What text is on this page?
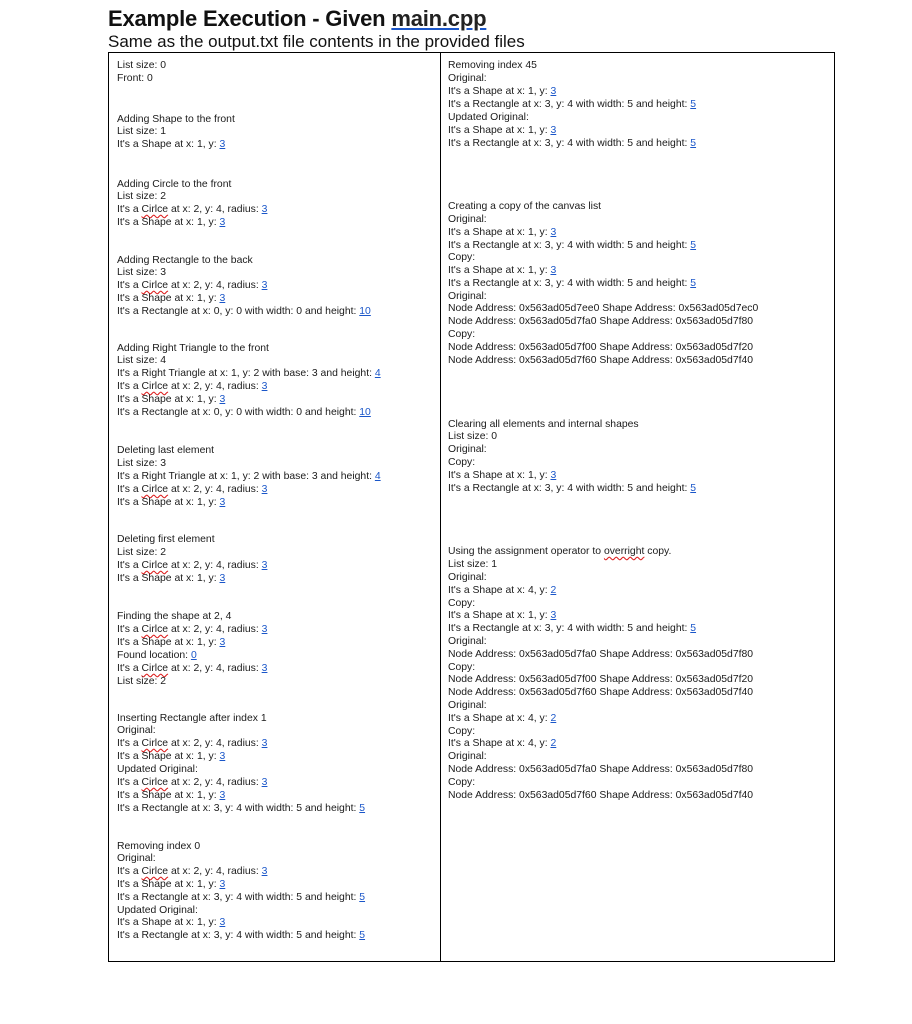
Example Execution - Given main.cpp
Same as the output.txt file contents in the provided files
List size: 0
Front: 0
Adding Shape to the front
List size: 1
It's a Shape at x: 1, y: 3
Adding Circle to the front
List size: 2
It's a Cirlce at x: 2, y: 4, radius: 3
It's a Shape at x: 1, y: 3
Adding Rectangle to the back
List size: 3
It's a Cirlce at x: 2, y: 4, radius: 3
It's a Shape at x: 1, y: 3
It's a Rectangle at x: 0, y: 0 with width: 0 and height: 10
Adding Right Triangle to the front
List size: 4
It's a Right Triangle at x: 1, y: 2 with base: 3 and height: 4
It's a Cirlce at x: 2, y: 4, radius: 3
It's a Shape at x: 1, y: 3
It's a Rectangle at x: 0, y: 0 with width: 0 and height: 10
Deleting last element
List size: 3
It's a Right Triangle at x: 1, y: 2 with base: 3 and height: 4
It's a Cirlce at x: 2, y: 4, radius: 3
It's a Shape at x: 1, y: 3
Deleting first element
List size: 2
It's a Cirlce at x: 2, y: 4, radius: 3
It's a Shape at x: 1, y: 3
Finding the shape at 2, 4
It's a Cirlce at x: 2, y: 4, radius: 3
It's a Shape at x: 1, y: 3
Found location: 0
It's a Cirlce at x: 2, y: 4, radius: 3
List size: 2
Inserting Rectangle after index 1
Original:
It's a Cirlce at x: 2, y: 4, radius: 3
It's a Shape at x: 1, y: 3
Updated Original:
It's a Cirlce at x: 2, y: 4, radius: 3
It's a Shape at x: 1, y: 3
It's a Rectangle at x: 3, y: 4 with width: 5 and height: 5
Removing index 0
Original:
It's a Cirlce at x: 2, y: 4, radius: 3
It's a Shape at x: 1, y: 3
It's a Rectangle at x: 3, y: 4 with width: 5 and height: 5
Updated Original:
It's a Shape at x: 1, y: 3
It's a Rectangle at x: 3, y: 4 with width: 5 and height: 5
Removing index 45
Original:
It's a Shape at x: 1, y: 3
It's a Rectangle at x: 3, y: 4 with width: 5 and height: 5
Updated Original:
It's a Shape at x: 1, y: 3
It's a Rectangle at x: 3, y: 4 with width: 5 and height: 5
Creating a copy of the canvas list
Original:
It's a Shape at x: 1, y: 3
It's a Rectangle at x: 3, y: 4 with width: 5 and height: 5
Copy:
It's a Shape at x: 1, y: 3
It's a Rectangle at x: 3, y: 4 with width: 5 and height: 5
Original:
Node Address: 0x563ad05d7ee0 Shape Address: 0x563ad05d7ec0
Node Address: 0x563ad05d7fa0 Shape Address: 0x563ad05d7f80
Copy:
Node Address: 0x563ad05d7f00 Shape Address: 0x563ad05d7f20
Node Address: 0x563ad05d7f60 Shape Address: 0x563ad05d7f40
Clearing all elements and internal shapes
List size: 0
Original:
Copy:
It's a Shape at x: 1, y: 3
It's a Rectangle at x: 3, y: 4 with width: 5 and height: 5
Using the assignment operator to overright copy.
List size: 1
Original:
It's a Shape at x: 4, y: 2
Copy:
It's a Shape at x: 1, y: 3
It's a Rectangle at x: 3, y: 4 with width: 5 and height: 5
Original:
Node Address: 0x563ad05d7fa0 Shape Address: 0x563ad05d7f80
Copy:
Node Address: 0x563ad05d7f00 Shape Address: 0x563ad05d7f20
Node Address: 0x563ad05d7f60 Shape Address: 0x563ad05d7f40
Original:
It's a Shape at x: 4, y: 2
Copy:
It's a Shape at x: 4, y: 2
Original:
Node Address: 0x563ad05d7fa0 Shape Address: 0x563ad05d7f80
Copy:
Node Address: 0x563ad05d7f60 Shape Address: 0x563ad05d7f40
